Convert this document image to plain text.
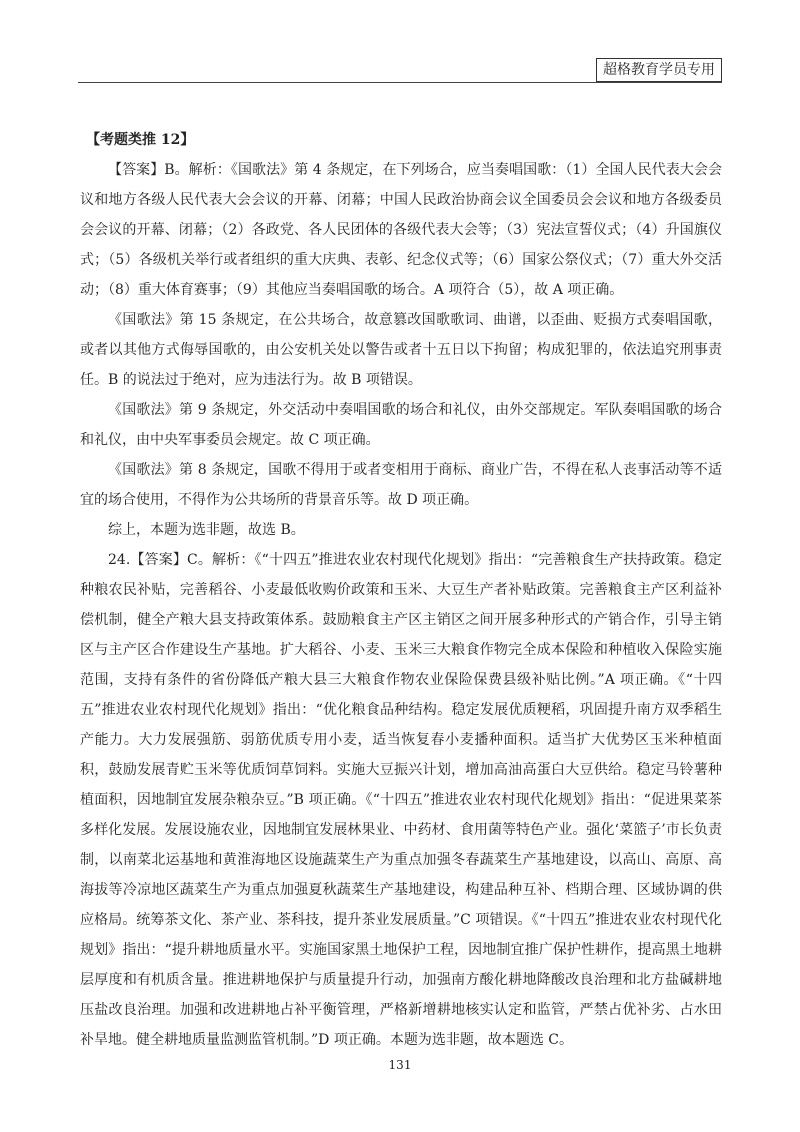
超格教育学员专用

【考题类推 12】

【答案】B。解析：《国歌法》第 4 条规定，在下列场合，应当奏唱国歌：（1）全国人民代表大会会议和地方各级人民代表大会会议的开幕、闭幕；中国人民政治协商会议全国委员会会议和地方各级委员会会议的开幕、闭幕；（2）各政党、各人民团体的各级代表大会等；（3）宪法宣誓仪式；（4）升国旗仪式；（5）各级机关举行或者组织的重大庆典、表彰、纪念仪式等；（6）国家公祭仪式；（7）重大外交活动；（8）重大体育赛事；（9）其他应当奏唱国歌的场合。A 项符合（5），故 A 项正确。

《国歌法》第 15 条规定，在公共场合，故意篡改国歌歌词、曲谱，以歪曲、贬损方式奏唱国歌，或者以其他方式侮辱国歌的，由公安机关处以警告或者十五日以下拘留；构成犯罪的，依法追究刑事责任。B 的说法过于绝对，应为违法行为。故 B 项错误。

《国歌法》第 9 条规定，外交活动中奏唱国歌的场合和礼仪，由外交部规定。军队奏唱国歌的场合和礼仪，由中央军事委员会规定。故 C 项正确。

《国歌法》第 8 条规定，国歌不得用于或者变相用于商标、商业广告，不得在私人丧事活动等不适宜的场合使用，不得作为公共场所的背景音乐等。故 D 项正确。

综上，本题为选非题，故选 B。

24.【答案】C。解析：《“十四五”推进农业农村现代化规划》指出：“完善粮食生产扶持政策。稳定种粮农民补贴，完善稻谷、小麦最低收购价政策和玉米、大豆生产者补贴政策。完善粮食主产区利益补偿机制，健全产粮大县支持政策体系。鼓励粮食主产区主销区之间开展多种形式的产销合作，引导主销区与主产区合作建设生产基地。扩大稻谷、小麦、玉米三大粮食作物完全成本保险和种植收入保险实施范围，支持有条件的省份降低产粮大县三大粮食作物农业保险保费县级补贴比例。”A 项正确。《“十四五”推进农业农村现代化规划》指出：“优化粮食品种结构。稳定发展优质粳稻，巩固提升南方双季稻生产能力。大力发展强筋、弱筋优质专用小麦，适当恢复春小麦播种面积。适当扩大优势区玉米种植面积，鼓励发展青贮玉米等优质饲草饲料。实施大豆振兴计划，增加高油高蛋白大豆供给。稳定马铃薯种植面积，因地制宜发展杂粮杂豆。”B 项正确。《“十四五”推进农业农村现代化规划》指出：“促进果菜茶多样化发展。发展设施农业，因地制宜发展林果业、中药材、食用菌等特色产业。强化‘菜篮子’市长负责制，以南菜北运基地和黄淮海地区设施蔬菜生产为重点加强冬春蔬菜生产基地建设，以高山、高原、高海拔等冷凉地区蔬菜生产为重点加强夏秋蔬菜生产基地建设，构建品种互补、档期合理、区域协调的供应格局。统筹茶文化、茶产业、茶科技，提升茶业发展质量。”C 项错误。《“十四五”推进农业农村现代化规划》指出：“提升耕地质量水平。实施国家黑土地保护工程，因地制宜推广保护性耕作，提高黑土地耕层厚度和有机质含量。推进耕地保护与质量提升行动，加强南方酸化耕地降酸改良治理和北方盐碱耕地压盐改良治理。加强和改进耕地占补平衡管理，严格新增耕地核实认定和监管，严禁占优补劣、占水田补旱地。健全耕地质量监测监管机制。”D 项正确。本题为选非题，故本题选 C。

131
